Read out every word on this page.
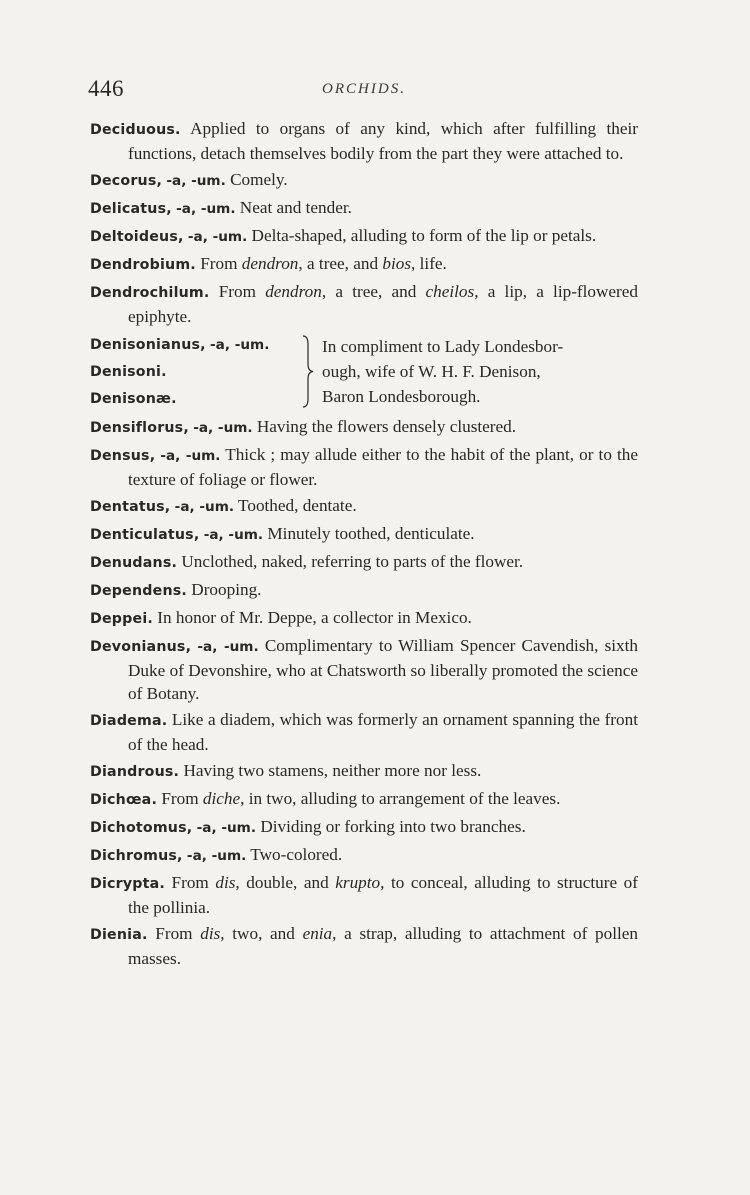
446	ORCHIDS.
Deciduous. Applied to organs of any kind, which after fulfilling their functions, detach themselves bodily from the part they were attached to.
Decorus, -a, -um. Comely.
Delicatus, -a, -um. Neat and tender.
Deltoideus, -a, -um. Delta-shaped, alluding to form of the lip or petals.
Dendrobium. From dendron, a tree, and bios, life.
Dendrochilum. From dendron, a tree, and cheilos, a lip, a lip-flowered epiphyte.
Denisonianus, -a, -um.
Denisoni.
Denisonæ.
In compliment to Lady Londesbor-
ough, wife of W. H. F. Denison,
Baron Londesborough.
Densiflorus, -a, -um. Having the flowers densely clustered.
Densus, -a, -um. Thick ; may allude either to the habit of the plant, or to the texture of foliage or flower.
Dentatus, -a, -um. Toothed, dentate.
Denticulatus, -a, -um. Minutely toothed, denticulate.
Denudans. Unclothed, naked, referring to parts of the flower.
Dependens. Drooping.
Deppei. In honor of Mr. Deppe, a collector in Mexico.
Devonianus, -a, -um. Complimentary to William Spencer Cavendish, sixth Duke of Devonshire, who at Chatsworth so liberally promoted the science of Botany.
Diadema. Like a diadem, which was formerly an ornament spanning the front of the head.
Diandrous. Having two stamens, neither more nor less.
Dichœa. From diche, in two, alluding to arrangement of the leaves.
Dichotomus, -a, -um. Dividing or forking into two branches.
Dichromus, -a, -um. Two-colored.
Dicrypta. From dis, double, and krupto, to conceal, alluding to structure of the pollinia.
Dienia. From dis, two, and enia, a strap, alluding to attachment of pollen masses.
